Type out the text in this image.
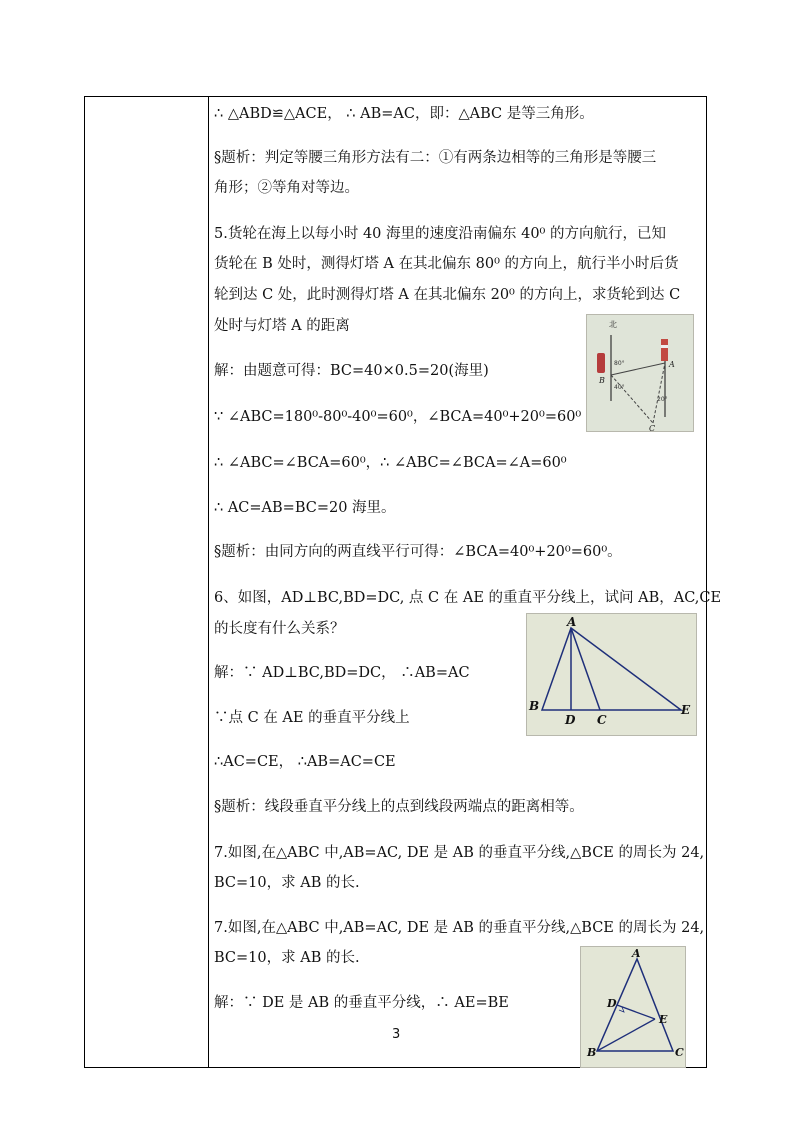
∴ △ABD≌△ACE， ∴ AB=AC，即：△ABC 是等三角形。
§题析：判定等腰三角形方法有二：①有两条边相等的三角形是等腰三
角形；②等角对等边。
5.货轮在海上以每小时 40 海里的速度沿南偏东 40⁰ 的方向航行，已知
货轮在 B 处时，测得灯塔 A 在其北偏东 80⁰ 的方向上，航行半小时后货
轮到达 C 处，此时测得灯塔 A 在其北偏东 20⁰ 的方向上，求货轮到达 C
处时与灯塔 A 的距离
解：由题意可得：BC=40×0.5=20(海里)
∵ ∠ABC=180⁰-80⁰-40⁰=60⁰，∠BCA=40⁰+20⁰=60⁰
∴ ∠ABC=∠BCA=60⁰，∴ ∠ABC=∠BCA=∠A=60⁰
∴ AC=AB=BC=20 海里。
§题析：由同方向的两直线平行可得：∠BCA=40⁰+20⁰=60⁰。
6、如图，AD⊥BC,BD=DC, 点 C 在 AE 的重直平分线上，试问 AB，AC,CE
的长度有什么关系？
解：∵ AD⊥BC,BD=DC， ∴AB=AC
∵点 C 在 AE 的垂直平分线上
∴AC=CE， ∴AB=AC=CE
§题析：线段垂直平分线上的点到线段两端点的距离相等。
7.如图,在△ABC 中,AB=AC, DE 是 AB 的垂直平分线,△BCE 的周长为 24,
BC=10，求 AB 的长.
7.如图,在△ABC 中,AB=AC, DE 是 AB 的垂直平分线,△BCE 的周长为 24,
BC=10，求 AB 的长.
解：∵ DE 是 AB 的垂直平分线，∴ AE=BE
北
80°
40°
20°
A
B
C
A
B
D C
E
A
D
E
B	C
3
